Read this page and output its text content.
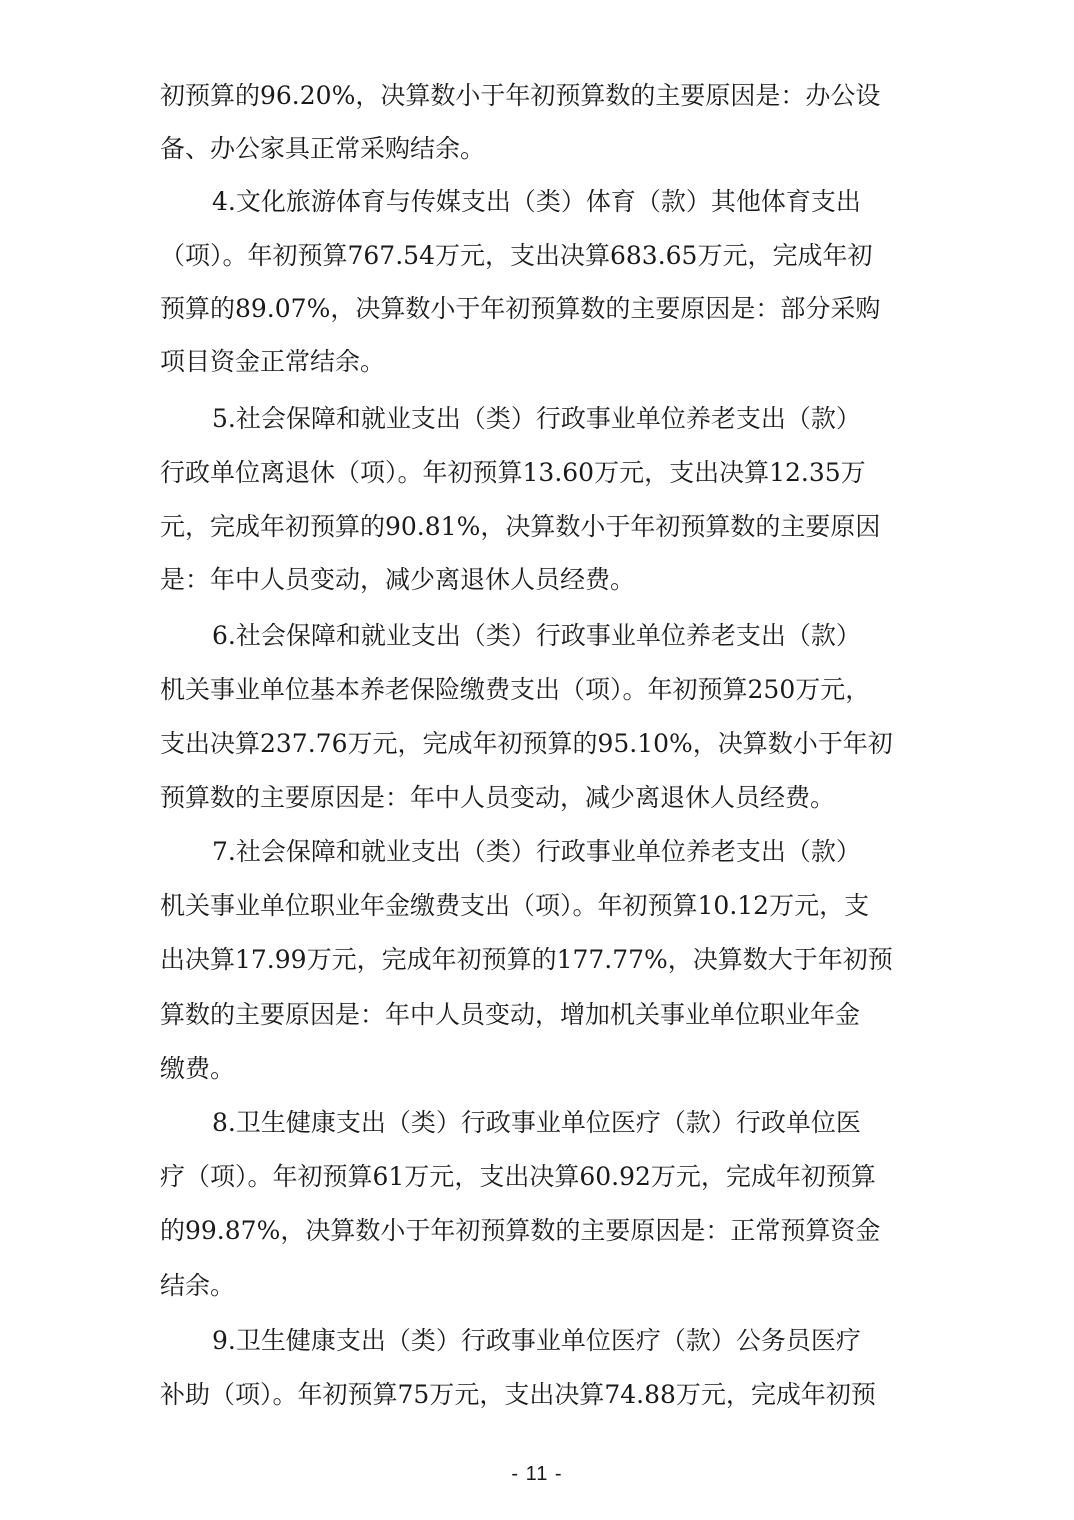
初预算的96.20%，决算数小于年初预算数的主要原因是：办公设
备、办公家具正常采购结余。
4.文化旅游体育与传媒支出（类）体育（款）其他体育支出
（项）。年初预算767.54万元，支出决算683.65万元，完成年初
预算的89.07%，决算数小于年初预算数的主要原因是：部分采购
项目资金正常结余。
5.社会保障和就业支出（类）行政事业单位养老支出（款）
行政单位离退休（项）。年初预算13.60万元，支出决算12.35万
元，完成年初预算的90.81%，决算数小于年初预算数的主要原因
是：年中人员变动，减少离退休人员经费。
6.社会保障和就业支出（类）行政事业单位养老支出（款）
机关事业单位基本养老保险缴费支出（项）。年初预算250万元，
支出决算237.76万元，完成年初预算的95.10%，决算数小于年初
预算数的主要原因是：年中人员变动，减少离退休人员经费。
7.社会保障和就业支出（类）行政事业单位养老支出（款）
机关事业单位职业年金缴费支出（项）。年初预算10.12万元，支
出决算17.99万元，完成年初预算的177.77%，决算数大于年初预
算数的主要原因是：年中人员变动，增加机关事业单位职业年金
缴费。
8.卫生健康支出（类）行政事业单位医疗（款）行政单位医
疗（项）。年初预算61万元，支出决算60.92万元，完成年初预算
的99.87%，决算数小于年初预算数的主要原因是：正常预算资金
结余。
9.卫生健康支出（类）行政事业单位医疗（款）公务员医疗
补助（项）。年初预算75万元，支出决算74.88万元，完成年初预
- 11 -
